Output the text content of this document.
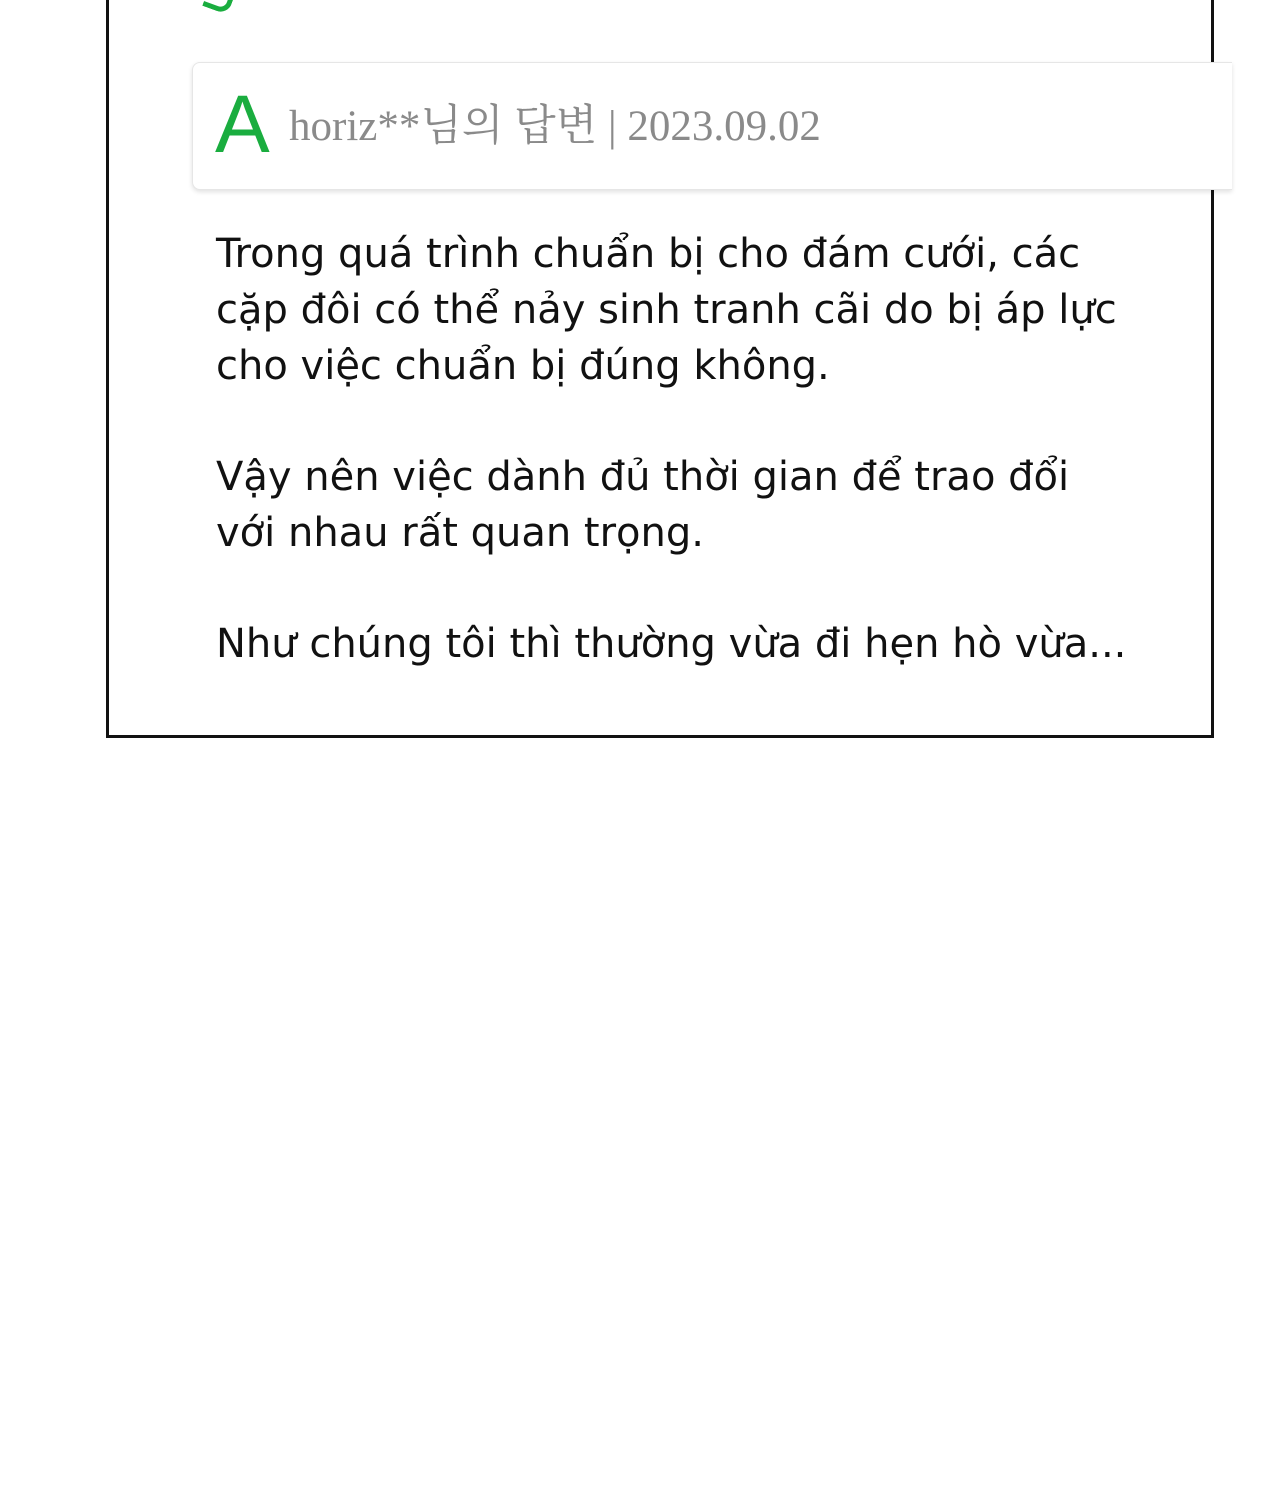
A horiz**님의 답변 | 2023.09.02

Trong quá trình chuẩn bị cho đám cưới, các
cặp đôi có thể nảy sinh tranh cãi do bị áp lực
cho việc chuẩn bị đúng không.

Vậy nên việc dành đủ thời gian để trao đổi
với nhau rất quan trọng.

Như chúng tôi thì thường vừa đi hẹn hò vừa...
